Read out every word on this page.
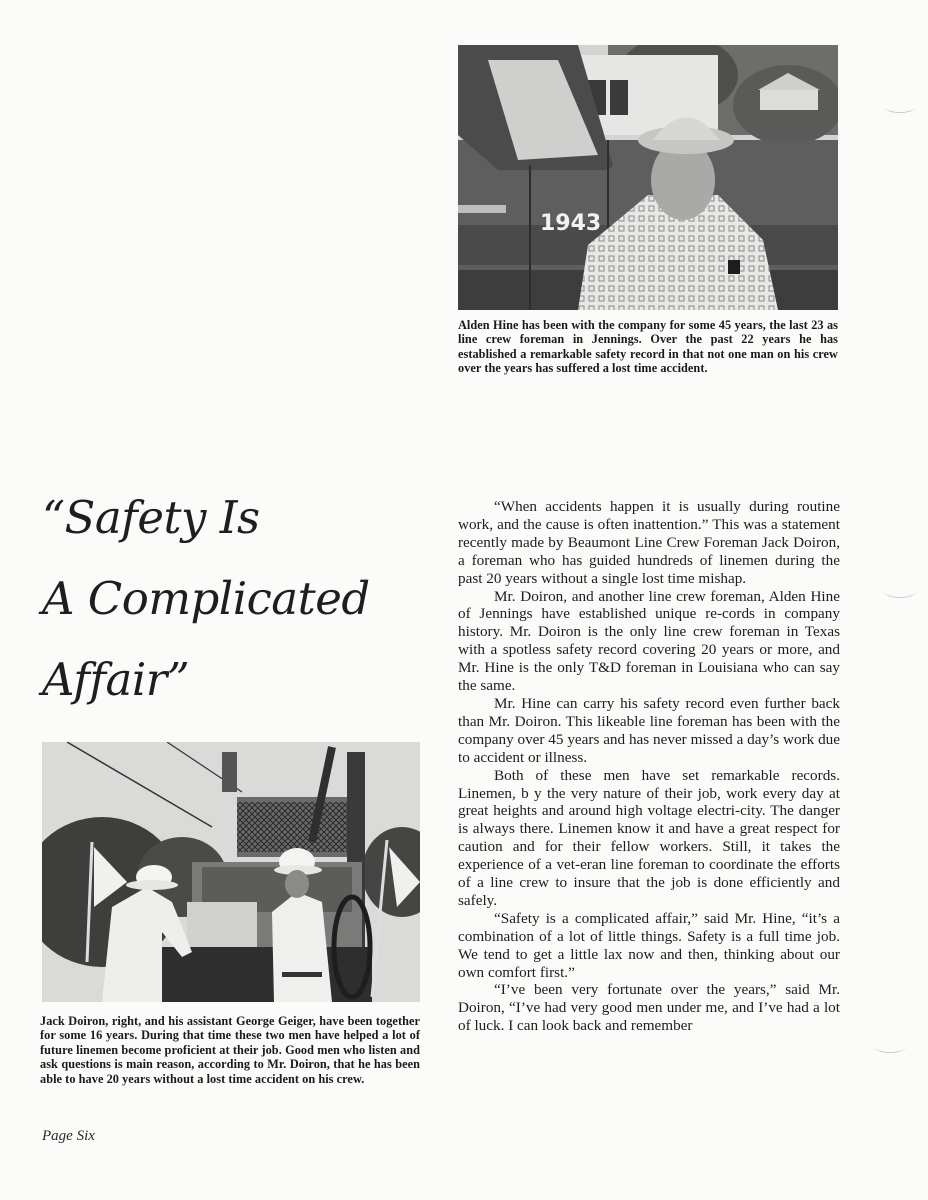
1943
Alden Hine has been with the company for some 45 years, the last 23 as line crew foreman in Jennings. Over the past 22 years he has established a remarkable safety record in that not one man on his crew over the years has suffered a lost time accident.
“Safety Is
A Complicated
Affair”
Jack Doiron, right, and his assistant George Geiger, have been together for some 16 years. During that time these two men have helped a lot of future linemen become proficient at their job. Good men who listen and ask questions is main reason, according to Mr. Doiron, that he has been able to have 20 years without a lost time accident on his crew.

“When accidents happen it is usually during routine work, and the cause is often inattention.” This was a statement recently made by Beaumont Line Crew Foreman Jack Doiron, a foreman who has guided hundreds of linemen during the past 20 years without a single lost time mishap.

Mr. Doiron, and another line crew foreman, Alden Hine of Jennings have established unique re-cords in company history. Mr. Doiron is the only line crew foreman in Texas with a spotless safety record covering 20 years or more, and Mr. Hine is the only T&D foreman in Louisiana who can say the same.

Mr. Hine can carry his safety record even further back than Mr. Doiron. This likeable line foreman has been with the company over 45 years and has never missed a day’s work due to accident or illness.

Both of these men have set remarkable records. Linemen, b y the very nature of their job, work every day at great heights and around high voltage electri-city. The danger is always there. Linemen know it and have a great respect for caution and for their fellow workers. Still, it takes the experience of a vet-eran line foreman to coordinate the efforts of a line crew to insure that the job is done efficiently and safely.

“Safety is a complicated affair,” said Mr. Hine, “it’s a combination of a lot of little things. Safety is a full time job. We tend to get a little lax now and then, thinking about our own comfort first.”

“I’ve been very fortunate over the years,” said Mr. Doiron, “I’ve had very good men under me, and I’ve had a lot of luck. I can look back and remember

Page Six
